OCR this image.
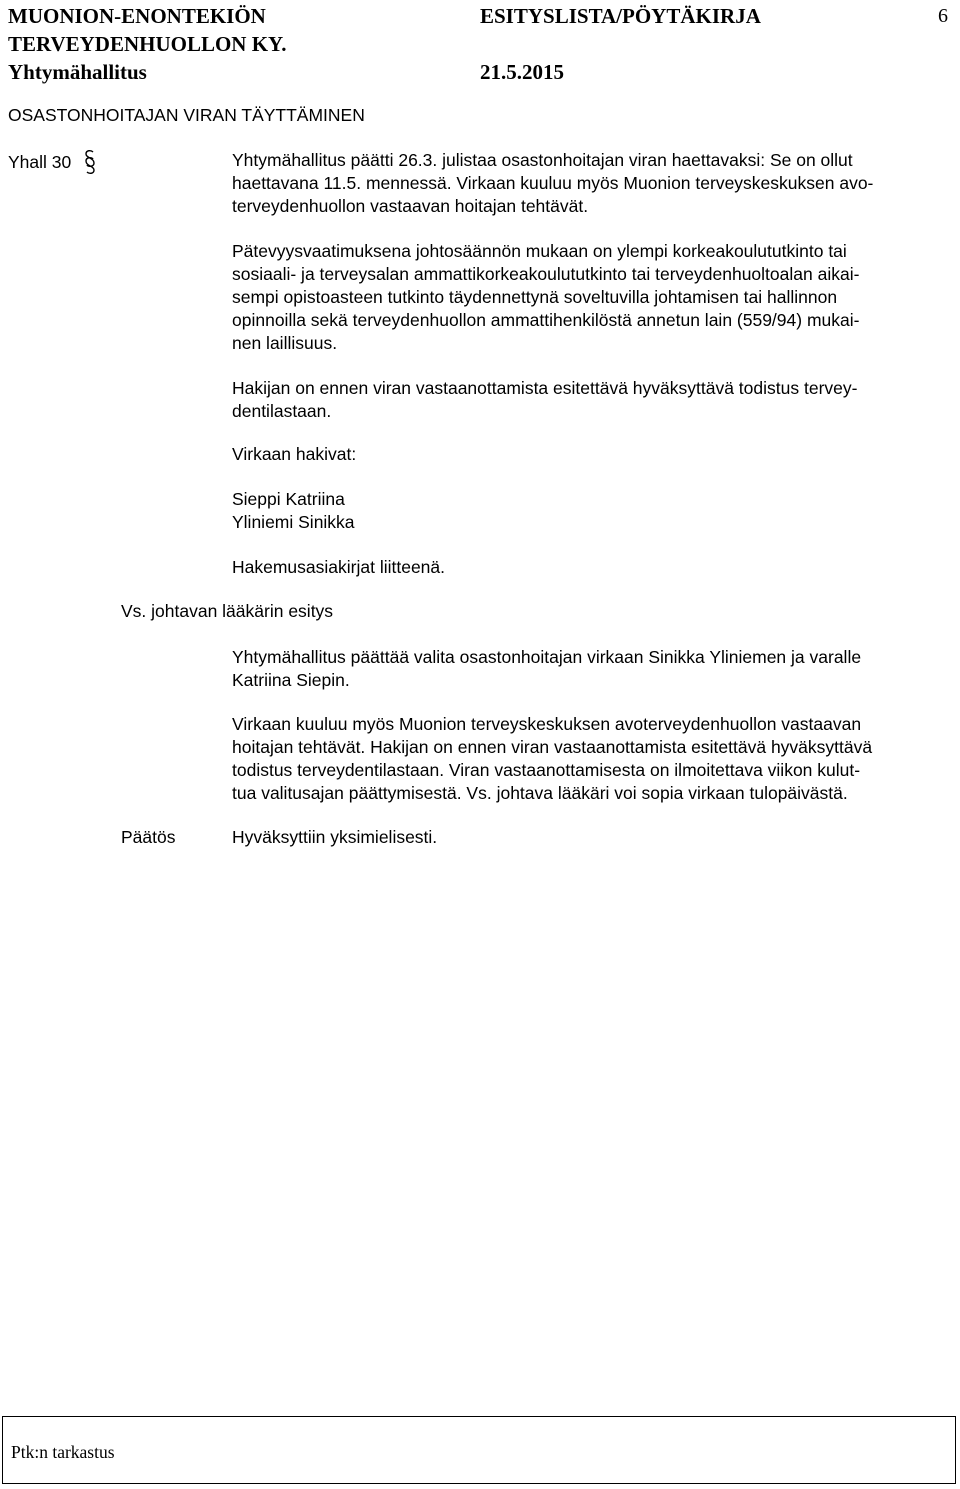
MUONION-ENONTEKIÖN
TERVEYDENHUOLLON KY.
Yhtymähallitus
ESITYSLISTA/PÖYTÄKIRJA
21.5.2015
6
OSASTONHOITAJAN VIRAN TÄYTTÄMINEN
Yhall 30	Yhtymähallitus päätti 26.3. julistaa osastonhoitajan viran haettavaksi: Se on ollut
haettavana 11.5. mennessä. Virkaan kuuluu myös Muonion terveyskeskuksen avo-
terveydenhuollon vastaavan hoitajan tehtävät.
Pätevyysvaatimuksena johtosäännön mukaan on ylempi korkeakoulututkinto tai
sosiaali- ja terveysalan ammattikorkeakoulututkinto tai terveydenhuoltoalan aikai-
sempi opistoasteen tutkinto täydennettynä soveltuvilla johtamisen tai hallinnon
opinnoilla sekä terveydenhuollon ammattihenkilöstä annetun lain (559/94) mukai-
nen laillisuus.
Hakijan on ennen viran vastaanottamista esitettävä hyväksyttävä todistus tervey-
dentilastaan.
Virkaan hakivat:
Sieppi Katriina
Yliniemi Sinikka
Hakemusasiakirjat liitteenä.
Vs. johtavan lääkärin esitys
Yhtymähallitus päättää valita osastonhoitajan virkaan Sinikka Yliniemen ja varalle
Katriina Siepin.
Virkaan kuuluu myös Muonion terveyskeskuksen avoterveydenhuollon vastaavan
hoitajan tehtävät. Hakijan on ennen viran vastaanottamista esitettävä hyväksyttävä
todistus terveydentilastaan. Viran vastaanottamisesta on ilmoitettava viikon kulut-
tua valitusajan päättymisestä. Vs. johtava lääkäri voi sopia virkaan tulopäivästä.
Päätös	Hyväksyttiin yksimielisesti.
Ptk:n tarkastus
